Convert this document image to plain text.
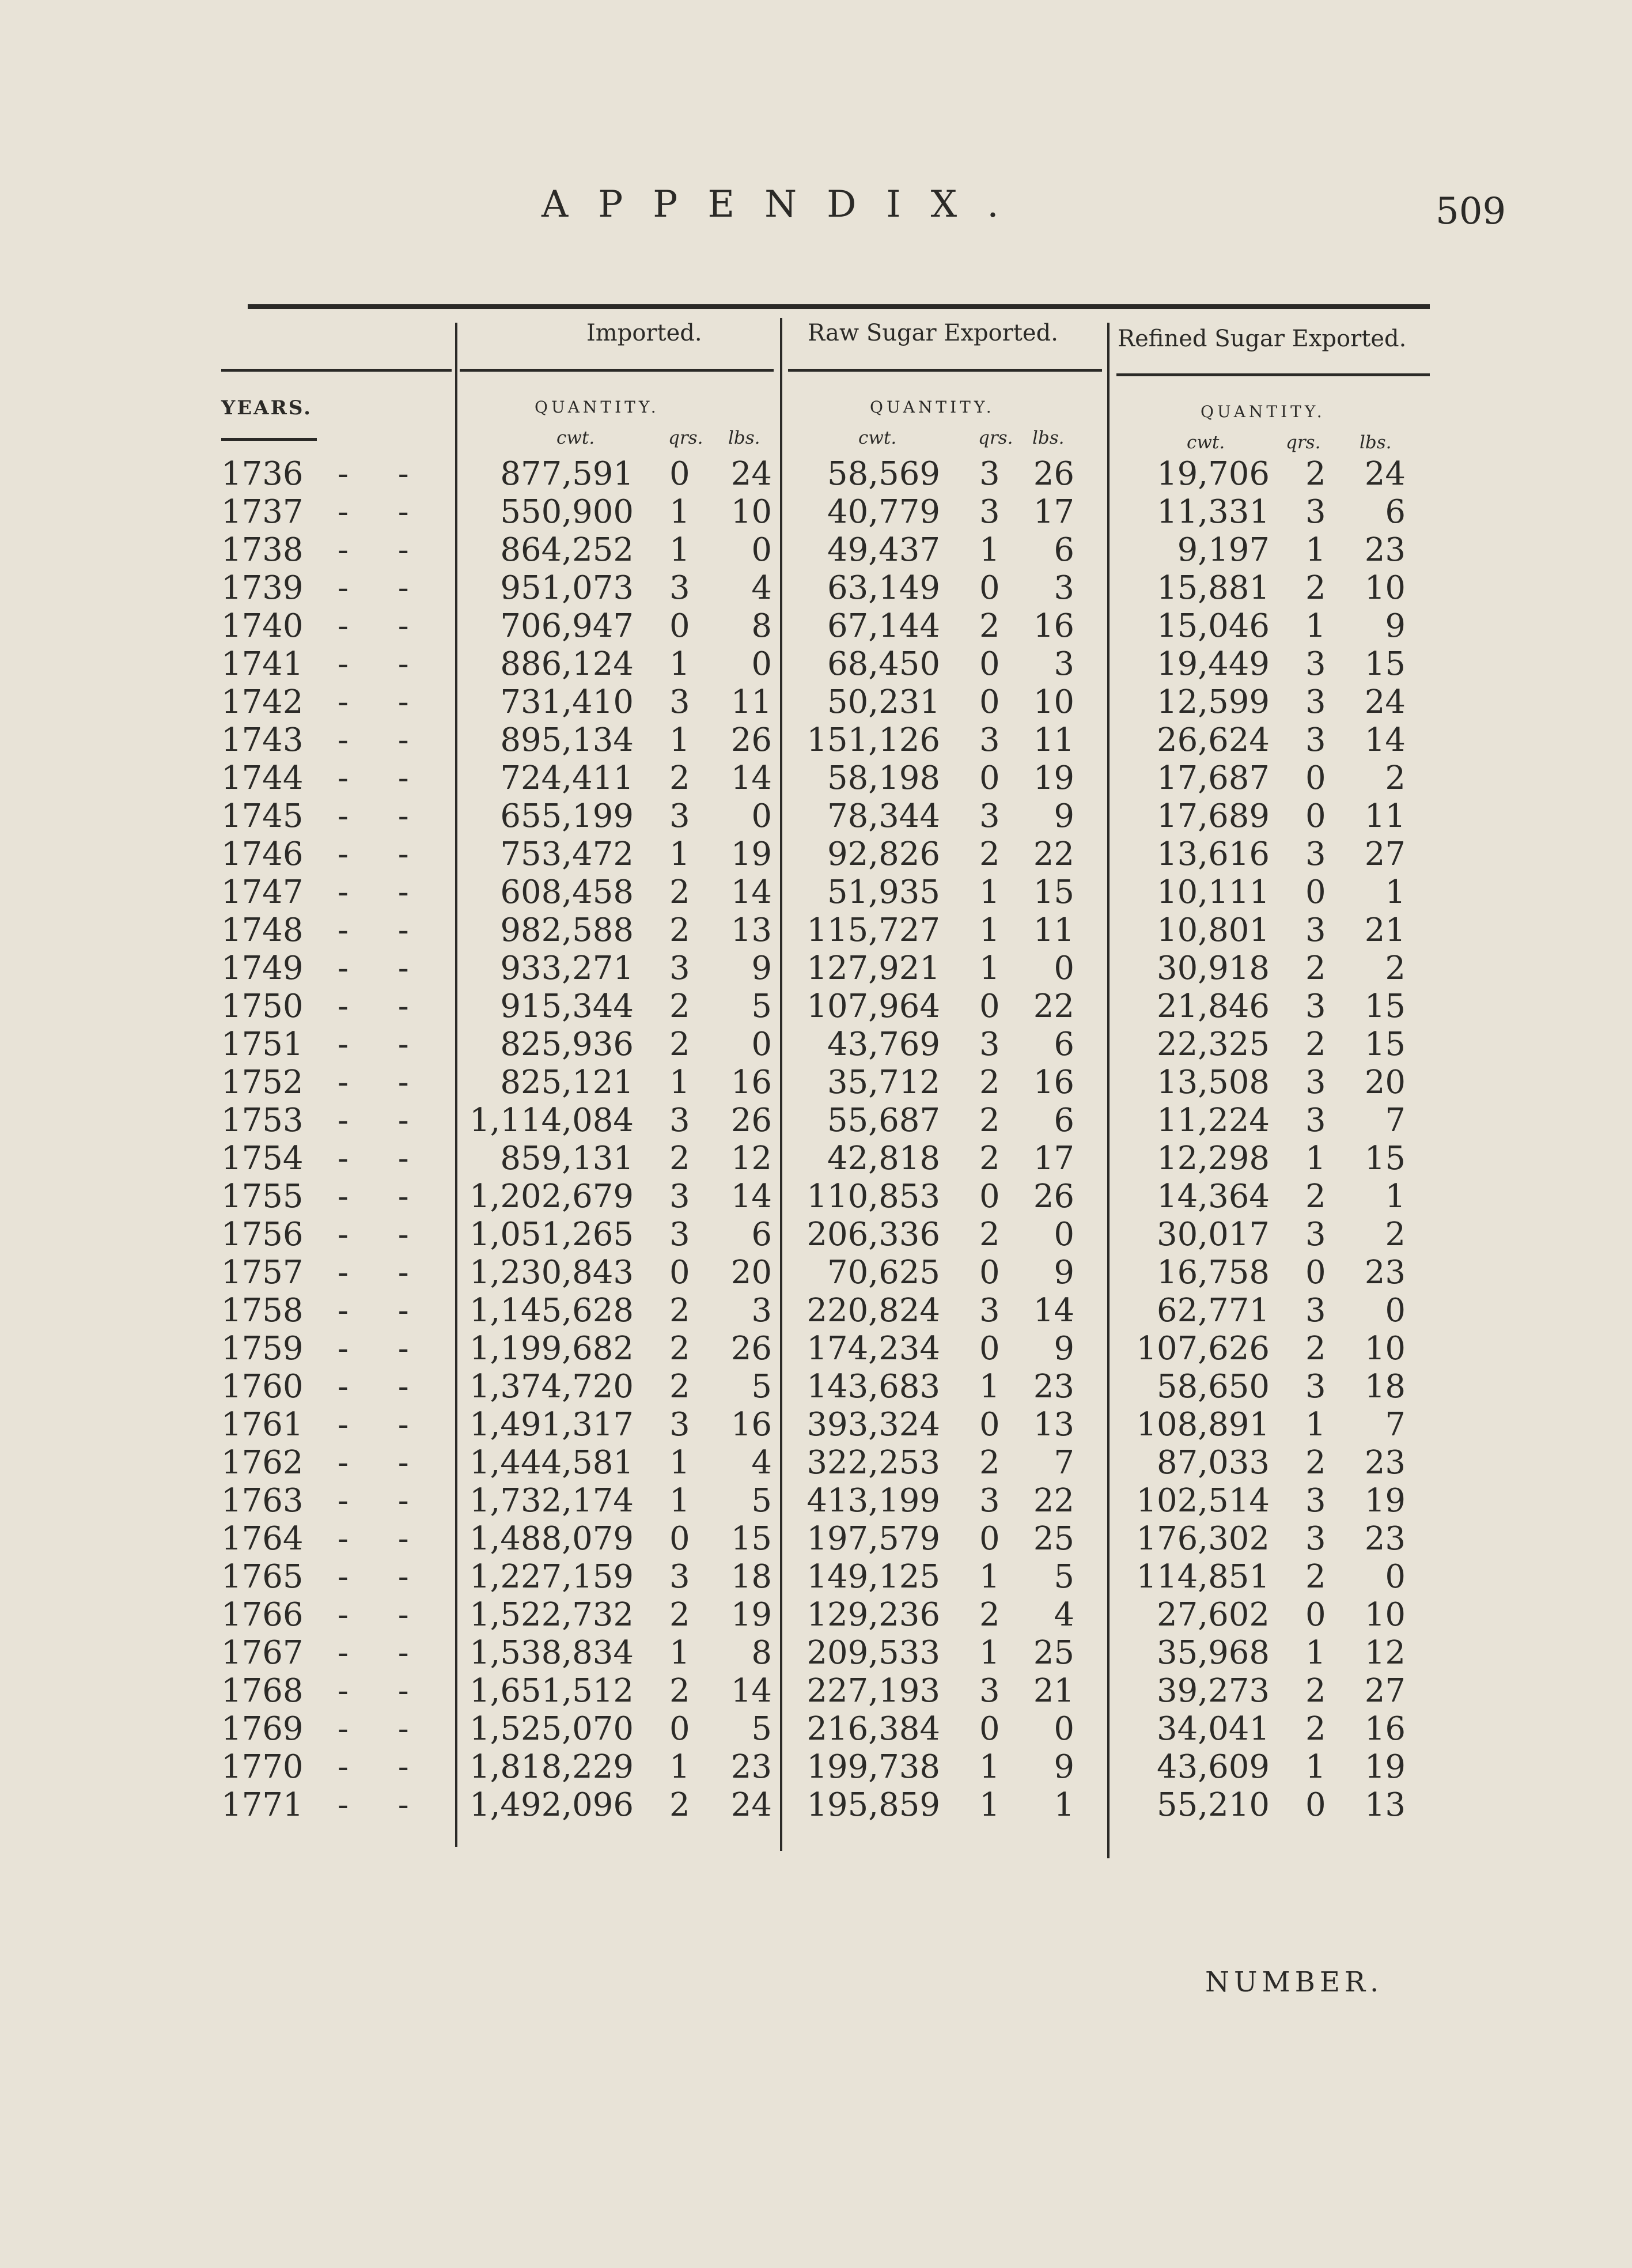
APPENDIX.	509
Imported.	Raw Sugar Exported.	Refined Sugar Exported.
YEARS.	QUANTITY.	QUANTITY.	QUANTITY.
cwt.	qrs. lbs.	cwt.	qrs. lbs.	cwt.	qrs. lbs.
1736 - - 877,591 0 24 58,569 3 26	19,706 2 24
1737 - - 550,900 1 10 40,779 3 17	11,331 3 6
1738 - - 864,252 1 0 49,437 1 6	9,197 1 23
1739 - - 951,073 3 4 63,149 0 3	15,881 2 10
1740 - - 706,947 0 8 67,144 2 16	15,046 1 9
1741 - - 886,124 1 0 68,450 0 3	19,449 3 15
1742 - - 731,410 3 11 50,231 0 10	12,599 3 24
1743 - - 895,134 1 26 151,126 3 11	26,624 3 14
1744 - - 724,411 2 14 58,198 0 19	17,687 0 2
1745 - - 655,199 3 0 78,344 3 9	17,689 0 11
1746 - - 753,472 1 19 92,826 2 22	13,616 3 27
1747 - - 608,458 2 14 51,935 1 15	10,111 0 1
1748 - - 982,588 2 13 115,727 1 11	10,801 3 21
1749 - - 933,271 3 9 127,921 1 0	30,918 2 2
1750 - - 915,344 2 5 107,964 0 22	21,846 3 15
1751 - - 825,936 2 0 43,769 3 6	22,325 2 15
1752 - - 825,121 1 16 35,712 2 16	13,508 3 20
1753 - - 1,114,084 3 26 55,687 2 6	11,224 3 7
1754 - - 859,131 2 12 42,818 2 17	12,298 1 15
1755 - - 1,202,679 3 14 110,853 0 26	14,364 2 1
1756 - - 1,051,265 3 6 206,336 2 0	30,017 3 2
1757 - - 1,230,843 0 20 70,625 0 9	16,758 0 23
1758 - - 1,145,628 2 3 220,824 3 14	62,771 3 0
1759 - - 1,199,682 2 26 174,234 0 9 107,626 2 10
1760 - - 1,374,720 2 5 143,683 1 23	58,650 3 18
1761 - - 1,491,317 3 16 393,324 0 13 108,891 1 7
1762 - - 1,444,581 1 4 322,253 2 7	87,033 2 23
1763 - - 1,732,174 1 5 413,199 3 22 102,514 3 19
1764 - - 1,488,079 0 15 197,579 0 25 176,302 3 23
1765 - - 1,227,159 3 18 149,125 1 5 114,851 2 0
1766 - - 1,522,732 2 19 129,236 2 4	27,602 0 10
1767 - - 1,538,834 1 8 209,533 1 25	35,968 1 12
1768 - - 1,651,512 2 14 227,193 3 21	39,273 2 27
1769 - - 1,525,070 0 5 216,384 0 0	34,041 2 16
1770 - - 1,818,229 1 23 199,738 1 9	43,609 1 19
1771 - - 1,492,096 2 24 195,859 1 1	55,210 0 13
NUMBER.
